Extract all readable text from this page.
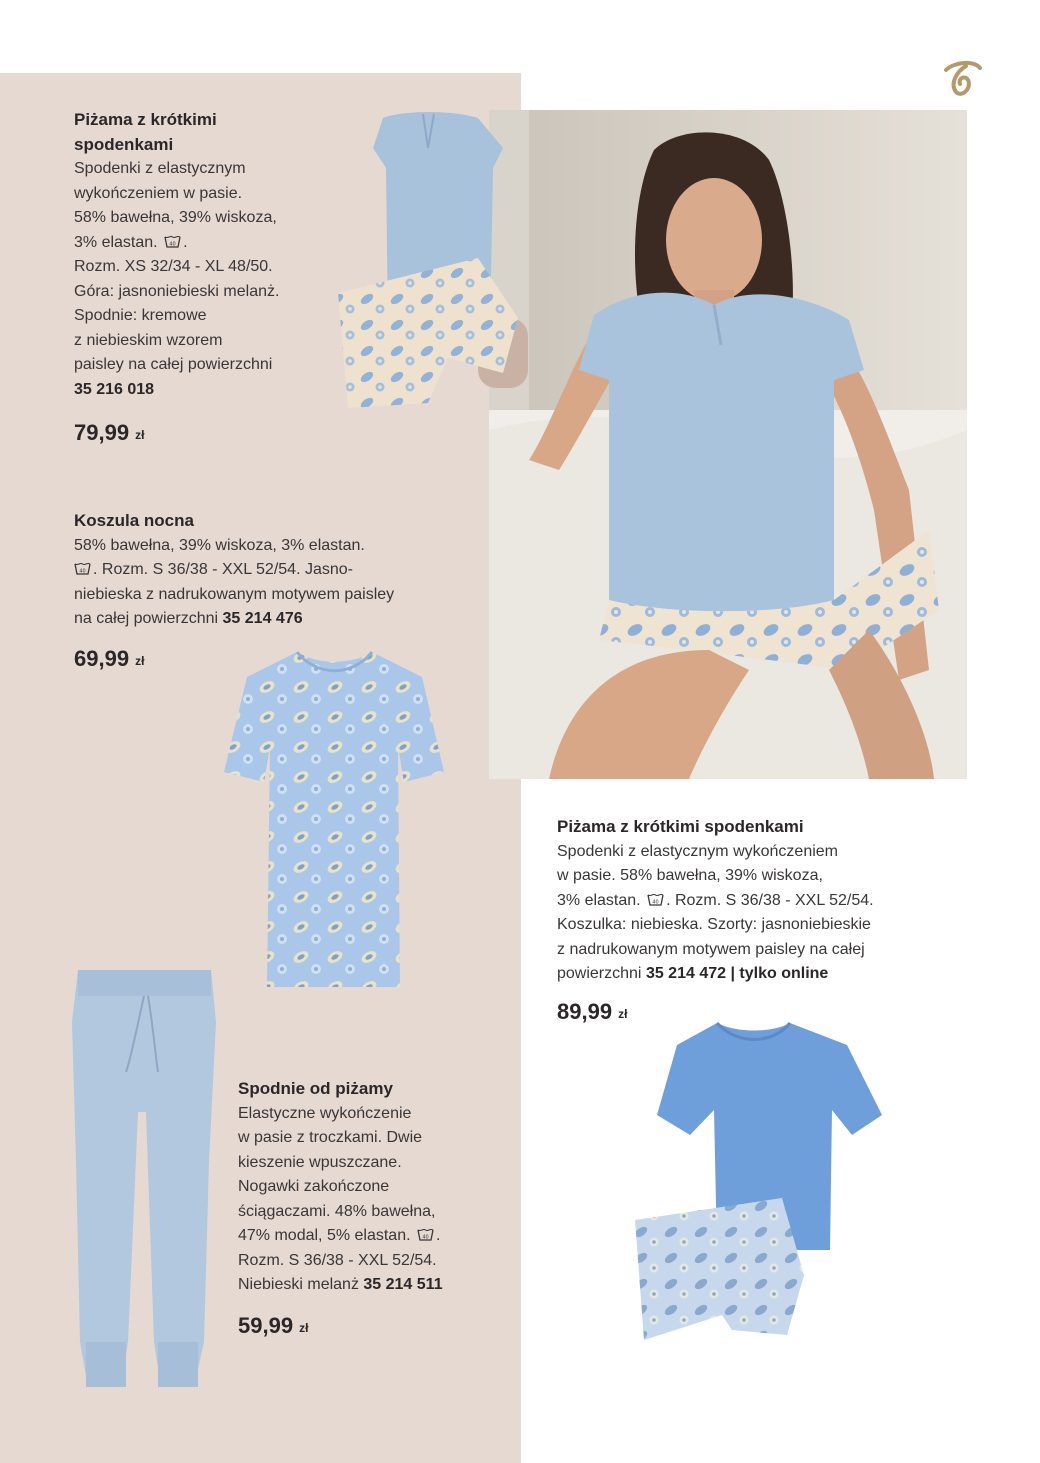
Piżama z krótkimi
spodenkami
Spodenki z elastycznym
wykończeniem w pasie.
58% bawełna, 39% wiskoza,
3% elastan. 40 .
Rozm. XS 32/34 - XL 48/50.
Góra: jasnoniebieski melanż.
Spodnie: kremowe
z niebieskim wzorem
paisley na całej powierzchni
35 216 018
79,99 zł
Koszula nocna
58% bawełna, 39% wiskoza, 3% elastan.
40 . Rozm. S 36/38 - XXL 52/54. Jasno-
niebieska z nadrukowanym motywem paisley
na całej powierzchni 35 214 476
69,99 zł
Spodnie od piżamy
Elastyczne wykończenie
w pasie z troczkami. Dwie
kieszenie wpuszczane.
Nogawki zakończone
ściągaczami. 48% bawełna,
47% modal, 5% elastan. 40 .
Rozm. S 36/38 - XXL 52/54.
Niebieski melanż 35 214 511
59,99 zł
Piżama z krótkimi spodenkami
Spodenki z elastycznym wykończeniem
w pasie. 58% bawełna, 39% wiskoza,
3% elastan. 40 . Rozm. S 36/38 - XXL 52/54.
Koszulka: niebieska. Szorty: jasnoniebieskie
z nadrukowanym motywem paisley na całej
powierzchni 35 214 472 | tylko online
89,99 zł
